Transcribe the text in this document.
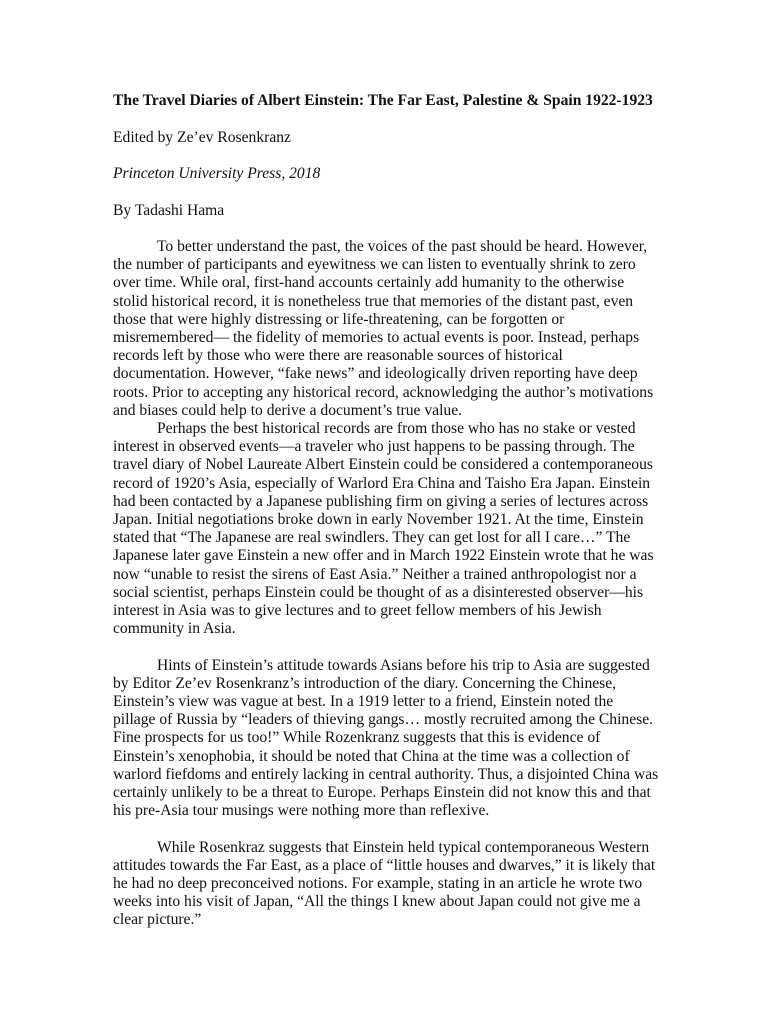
The Travel Diaries of Albert Einstein: The Far East, Palestine & Spain 1922-1923

Edited by Ze’ev Rosenkranz

Princeton University Press, 2018

By Tadashi Hama

To better understand the past, the voices of the past should be heard. However, the number of participants and eyewitness we can listen to eventually shrink to zero over time. While oral, first-hand accounts certainly add humanity to the otherwise stolid historical record, it is nonetheless true that memories of the distant past, even those that were highly distressing or life-threatening, can be forgotten or misremembered— the fidelity of memories to actual events is poor. Instead, perhaps records left by those who were there are reasonable sources of historical documentation. However, “fake news” and ideologically driven reporting have deep roots. Prior to accepting any historical record, acknowledging the author’s motivations and biases could help to derive a document’s true value.

Perhaps the best historical records are from those who has no stake or vested interest in observed events—a traveler who just happens to be passing through. The travel diary of Nobel Laureate Albert Einstein could be considered a contemporaneous record of 1920’s Asia, especially of Warlord Era China and Taisho Era Japan. Einstein had been contacted by a Japanese publishing firm on giving a series of lectures across Japan. Initial negotiations broke down in early November 1921. At the time, Einstein stated that “The Japanese are real swindlers. They can get lost for all I care…” The Japanese later gave Einstein a new offer and in March 1922 Einstein wrote that he was now “unable to resist the sirens of East Asia.” Neither a trained anthropologist nor a social scientist, perhaps Einstein could be thought of as a disinterested observer—his interest in Asia was to give lectures and to greet fellow members of his Jewish community in Asia.

Hints of Einstein’s attitude towards Asians before his trip to Asia are suggested by Editor Ze’ev Rosenkranz’s introduction of the diary. Concerning the Chinese, Einstein’s view was vague at best. In a 1919 letter to a friend, Einstein noted the pillage of Russia by “leaders of thieving gangs… mostly recruited among the Chinese. Fine prospects for us too!” While Rozenkranz suggests that this is evidence of Einstein’s xenophobia, it should be noted that China at the time was a collection of warlord fiefdoms and entirely lacking in central authority. Thus, a disjointed China was certainly unlikely to be a threat to Europe. Perhaps Einstein did not know this and that his pre-Asia tour musings were nothing more than reflexive.

While Rosenkraz suggests that Einstein held typical contemporaneous Western attitudes towards the Far East, as a place of “little houses and dwarves,” it is likely that he had no deep preconceived notions. For example, stating in an article he wrote two weeks into his visit of Japan, “All the things I knew about Japan could not give me a clear picture.”
